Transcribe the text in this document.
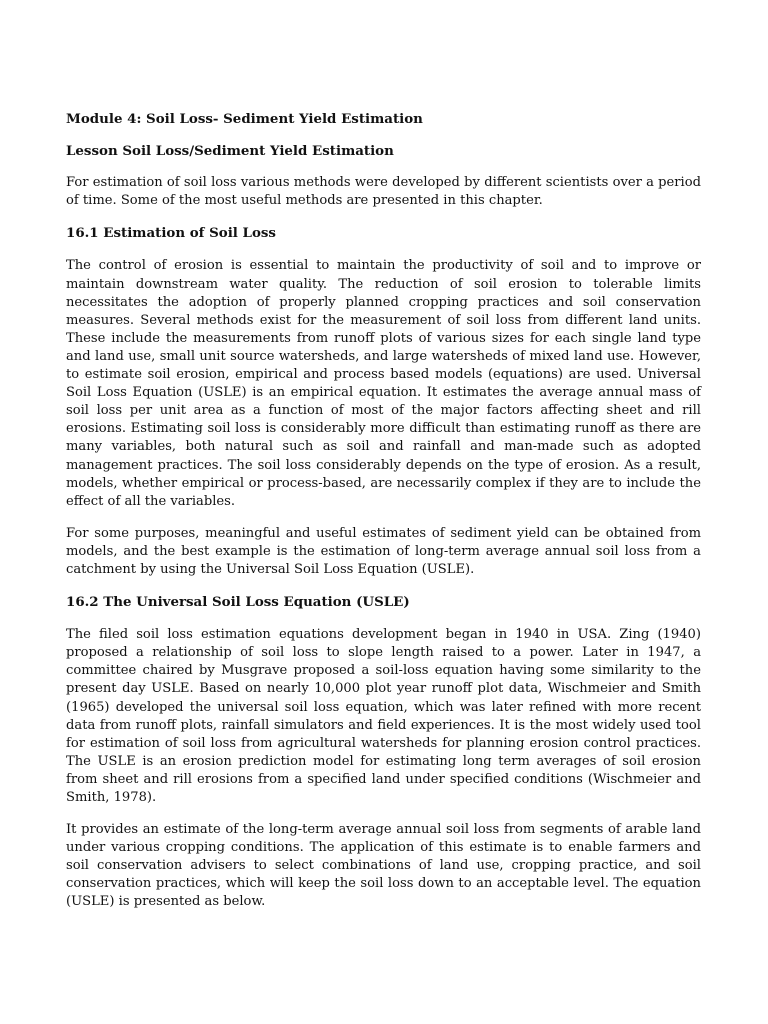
Module 4: Soil Loss- Sediment Yield Estimation

Lesson Soil Loss/Sediment Yield Estimation

For estimation of soil loss various methods were developed by different scientists over a period of time. Some of the most useful methods are presented in this chapter.

16.1 Estimation of Soil Loss

The control of erosion is essential to maintain the productivity of soil and to improve or maintain downstream water quality. The reduction of soil erosion to tolerable limits necessitates the adoption of properly planned cropping practices and soil conservation measures. Several methods exist for the measurement of soil loss from different land units. These include the measurements from runoff plots of various sizes for each single land type and land use, small unit source watersheds, and large watersheds of mixed land use. However, to estimate soil erosion, empirical and process based models (equations) are used. Universal Soil Loss Equation (USLE) is an empirical equation. It estimates the average annual mass of soil loss per unit area as a function of most of the major factors affecting sheet and rill erosions. Estimating soil loss is considerably more difficult than estimating runoff as there are many variables, both natural such as soil and rainfall and man-made such as adopted management practices. The soil loss considerably depends on the type of erosion. As a result, models, whether empirical or process-based, are necessarily complex if they are to include the effect of all the variables.

For some purposes, meaningful and useful estimates of sediment yield can be obtained from models, and the best example is the estimation of long-term average annual soil loss from a catchment by using the Universal Soil Loss Equation (USLE).

16.2 The Universal Soil Loss Equation (USLE)

The filed soil loss estimation equations development began in 1940 in USA. Zing (1940) proposed a relationship of soil loss to slope length raised to a power. Later in 1947, a committee chaired by Musgrave proposed a soil-loss equation having some similarity to the present day USLE. Based on nearly 10,000 plot year runoff plot data, Wischmeier and Smith (1965) developed the universal soil loss equation, which was later refined with more recent data from runoff plots, rainfall simulators and field experiences. It is the most widely used tool for estimation of soil loss from agricultural watersheds for planning erosion control practices. The USLE is an erosion prediction model for estimating long term averages of soil erosion from sheet and rill erosions from a specified land under specified conditions (Wischmeier and Smith, 1978).

It provides an estimate of the long-term average annual soil loss from segments of arable land under various cropping conditions. The application of this estimate is to enable farmers and soil conservation advisers to select combinations of land use, cropping practice, and soil conservation practices, which will keep the soil loss down to an acceptable level. The equation (USLE) is presented as below.
